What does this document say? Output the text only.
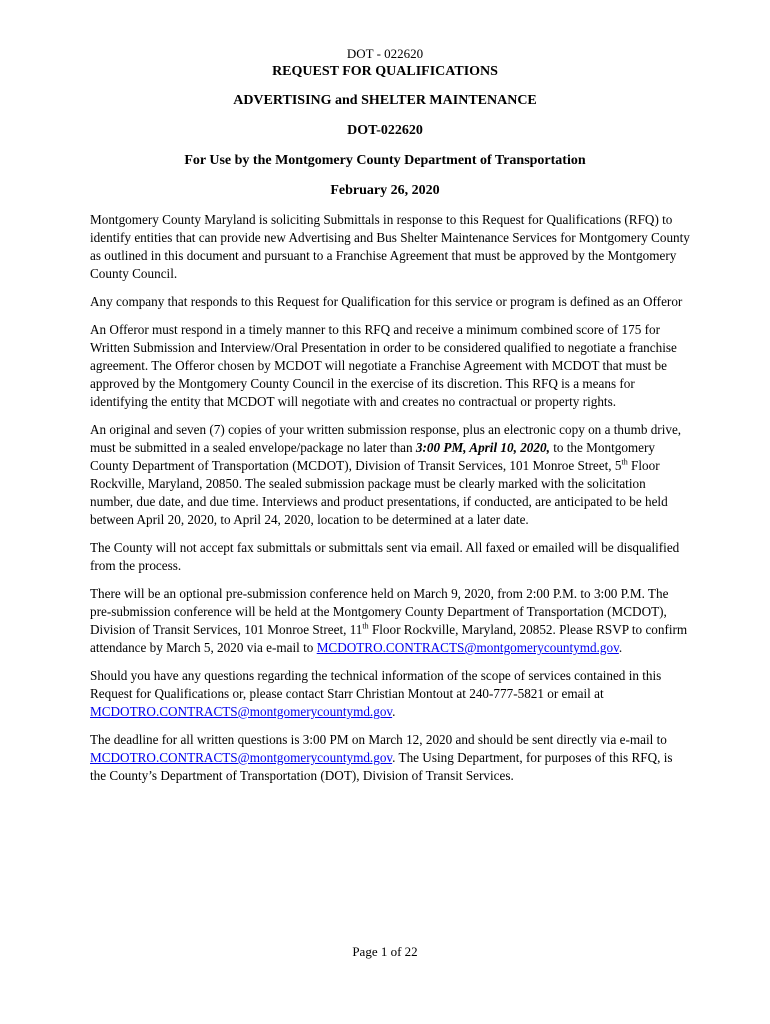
DOT - 022620
REQUEST FOR QUALIFICATIONS
ADVERTISING and SHELTER MAINTENANCE
DOT-022620
For Use by the Montgomery County Department of Transportation
February 26, 2020

Montgomery County Maryland is soliciting Submittals in response to this Request for Qualifications (RFQ) to identify entities that can provide new Advertising and Bus Shelter Maintenance Services for Montgomery County as outlined in this document and pursuant to a Franchise Agreement that must be approved by the Montgomery County Council.

Any company that responds to this Request for Qualification for this service or program is defined as an Offeror

An Offeror must respond in a timely manner to this RFQ and receive a minimum combined score of 175 for Written Submission and Interview/Oral Presentation in order to be considered qualified to negotiate a franchise agreement. The Offeror chosen by MCDOT will negotiate a Franchise Agreement with MCDOT that must be approved by the Montgomery County Council in the exercise of its discretion. This RFQ is a means for identifying the entity that MCDOT will negotiate with and creates no contractual or property rights.

An original and seven (7) copies of your written submission response, plus an electronic copy on a thumb drive, must be submitted in a sealed envelope/package no later than 3:00 PM, April 10, 2020, to the Montgomery County Department of Transportation (MCDOT), Division of Transit Services, 101 Monroe Street, 5th Floor Rockville, Maryland, 20850. The sealed submission package must be clearly marked with the solicitation number, due date, and due time. Interviews and product presentations, if conducted, are anticipated to be held between April 20, 2020, to April 24, 2020, location to be determined at a later date.

The County will not accept fax submittals or submittals sent via email. All faxed or emailed will be disqualified from the process.

There will be an optional pre-submission conference held on March 9, 2020, from 2:00 P.M. to 3:00 P.M. The pre-submission conference will be held at the Montgomery County Department of Transportation (MCDOT), Division of Transit Services, 101 Monroe Street, 11th Floor Rockville, Maryland, 20852. Please RSVP to confirm attendance by March 5, 2020 via e-mail to MCDOTRO.CONTRACTS@montgomerycountymd.gov.

Should you have any questions regarding the technical information of the scope of services contained in this Request for Qualifications or, please contact Starr Christian Montout at 240-777-5821 or email at MCDOTRO.CONTRACTS@montgomerycountymd.gov.

The deadline for all written questions is 3:00 PM on March 12, 2020 and should be sent directly via e-mail to MCDOTRO.CONTRACTS@montgomerycountymd.gov. The Using Department, for purposes of this RFQ, is the County’s Department of Transportation (DOT), Division of Transit Services.

Page 1 of 22
